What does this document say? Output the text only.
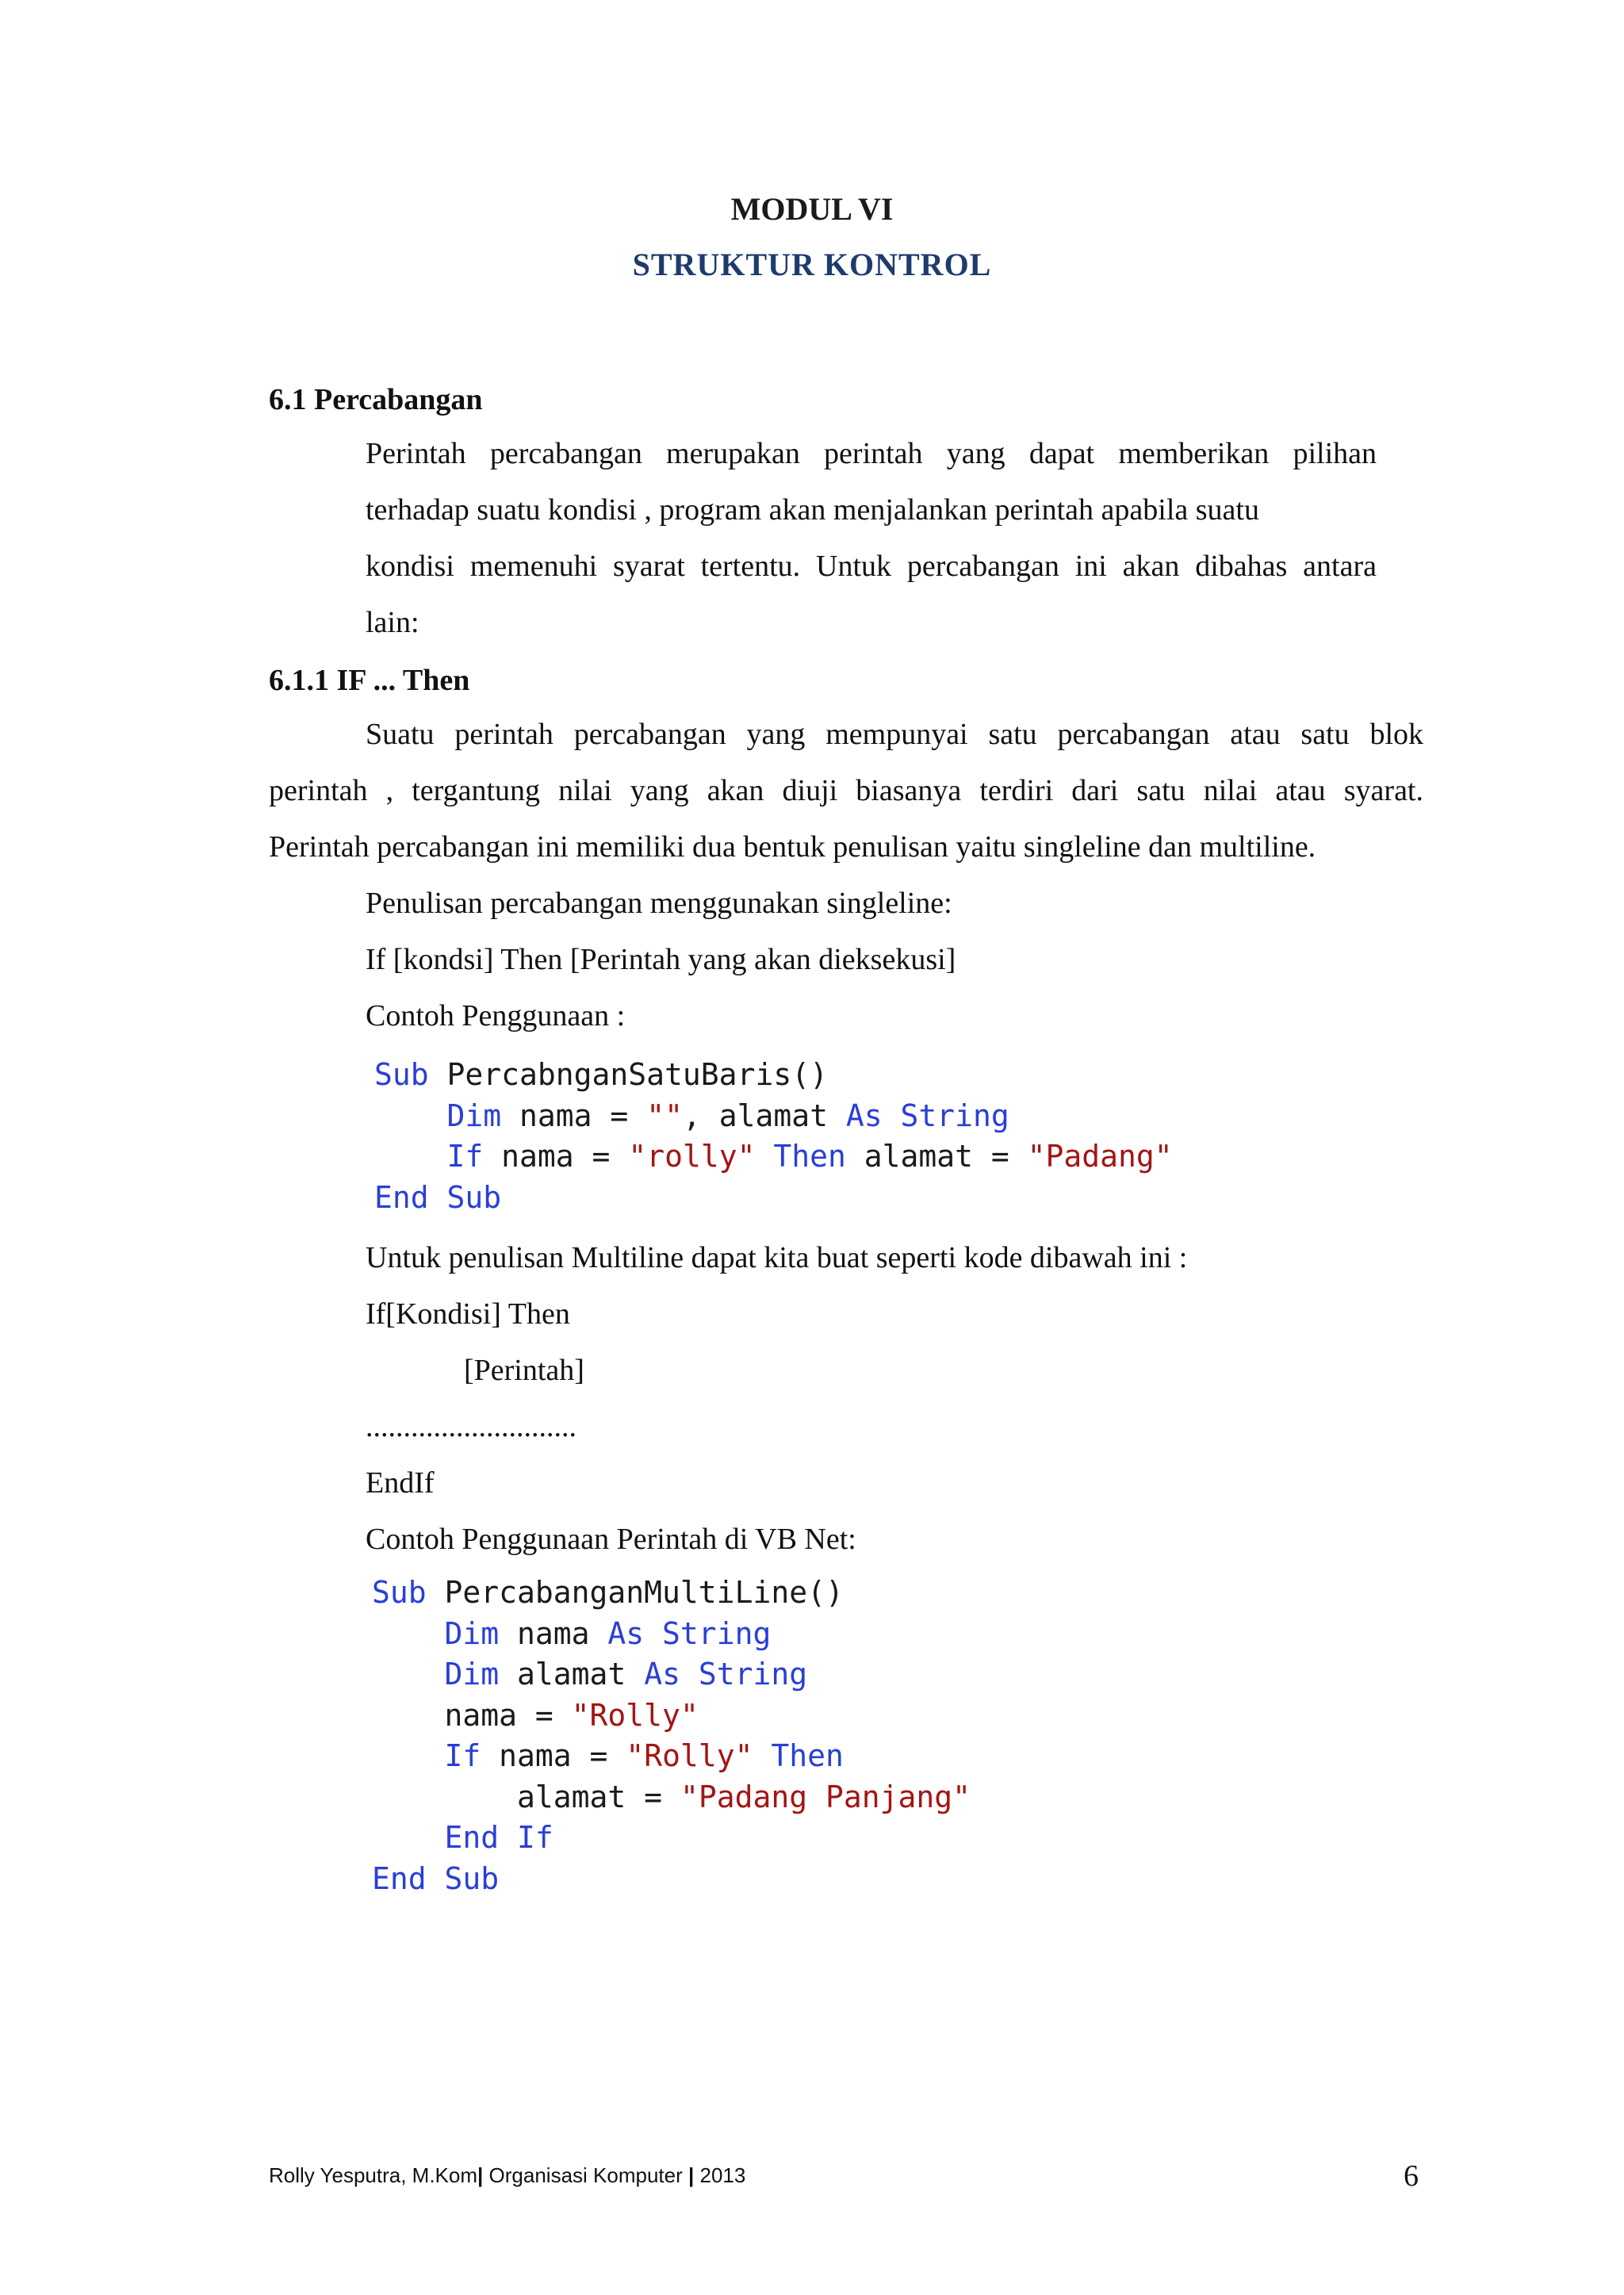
MODUL VI
STRUKTUR KONTROL
6.1 Percabangan
Perintah percabangan merupakan perintah yang dapat memberikan pilihan
terhadap suatu kondisi , program akan menjalankan perintah apabila suatu
kondisi memenuhi syarat tertentu. Untuk percabangan ini akan dibahas antara
lain:
6.1.1 IF ... Then
Suatu perintah percabangan yang mempunyai satu percabangan atau satu blok
perintah , tergantung nilai yang akan diuji biasanya terdiri dari satu nilai atau syarat.
Perintah percabangan ini memiliki dua bentuk penulisan yaitu singleline dan multiline.
Penulisan percabangan menggunakan singleline:
If [kondsi] Then [Perintah yang akan dieksekusi]
Contoh Penggunaan :
Sub PercabnganSatuBaris()
Dim nama = "", alamat As String
If nama = "rolly" Then alamat = "Padang"
End Sub
Untuk penulisan Multiline dapat kita buat seperti kode dibawah ini :
If[Kondisi] Then
[Perintah]
............................
EndIf
Contoh Penggunaan Perintah di VB Net:
Sub PercabanganMultiLine()
Dim nama As String
Dim alamat As String
nama = "Rolly"
If nama = "Rolly" Then
alamat = "Padang Panjang"
End If
End Sub
Rolly Yesputra, M.Kom| Organisasi Komputer | 2013	6
